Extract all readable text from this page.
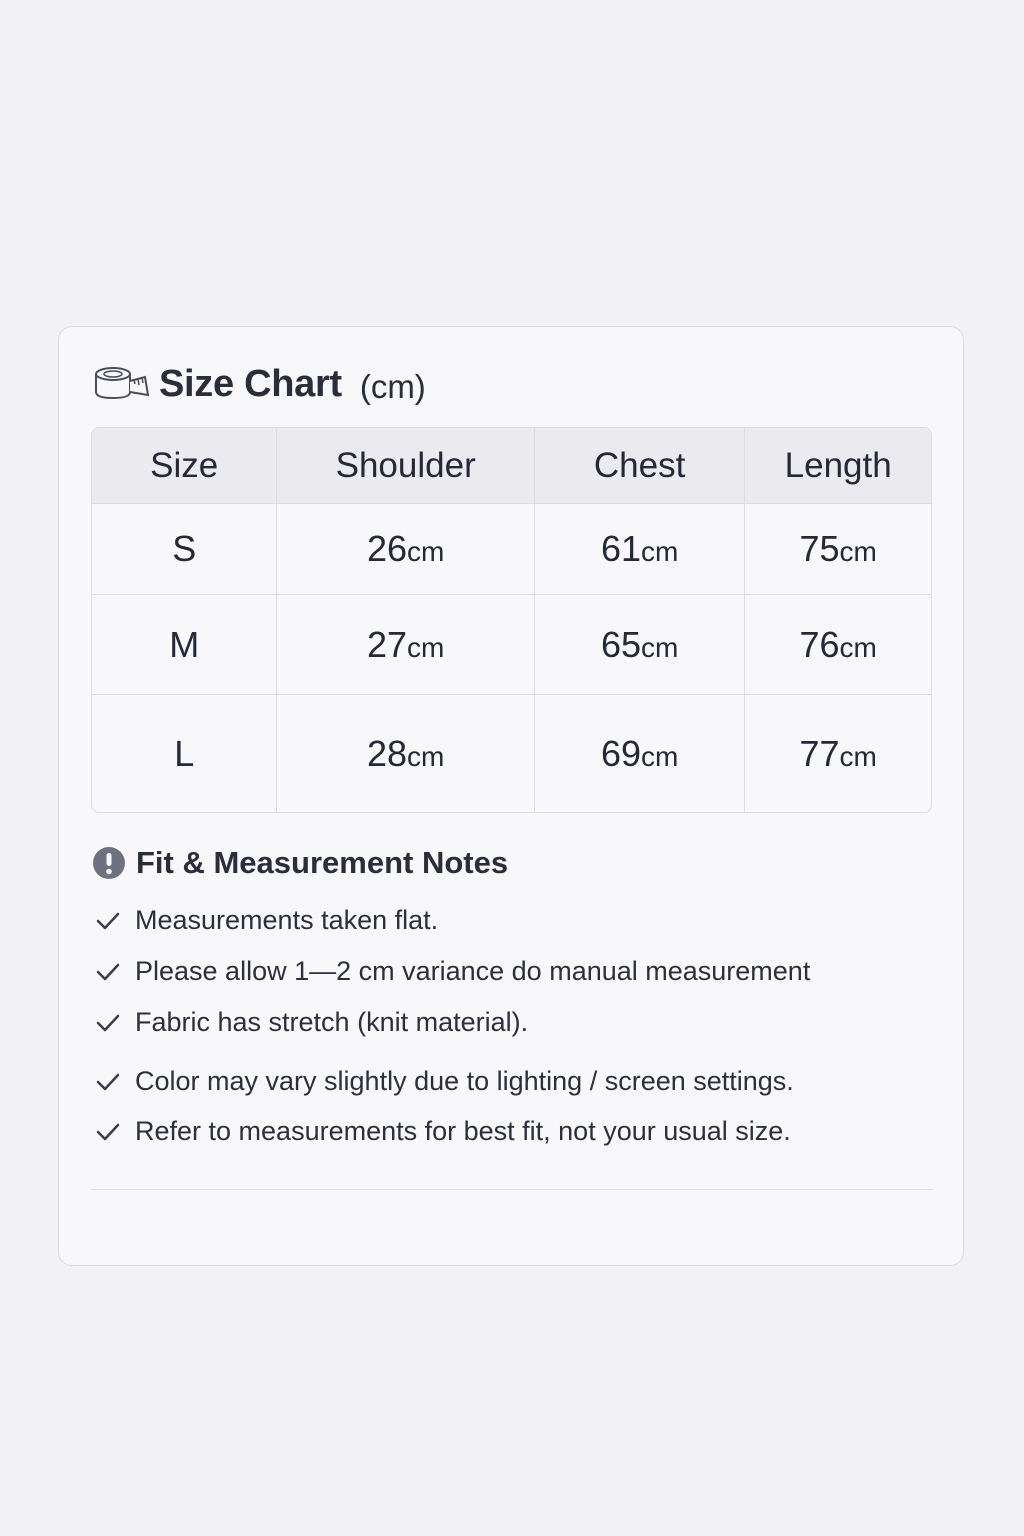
Size Chart (cm)
Size	Shoulder	Chest	Length
S	26cm	61cm	75cm
M	27cm	65cm	76cm
L	28cm	69cm	77cm
Fit & Measurement Notes
Measurements taken flat.
Please allow 1—2 cm variance do manual measurement
Fabric has stretch (knit material).
Color may vary slightly due to lighting / screen settings.
Refer to measurements for best fit, not your usual size.
